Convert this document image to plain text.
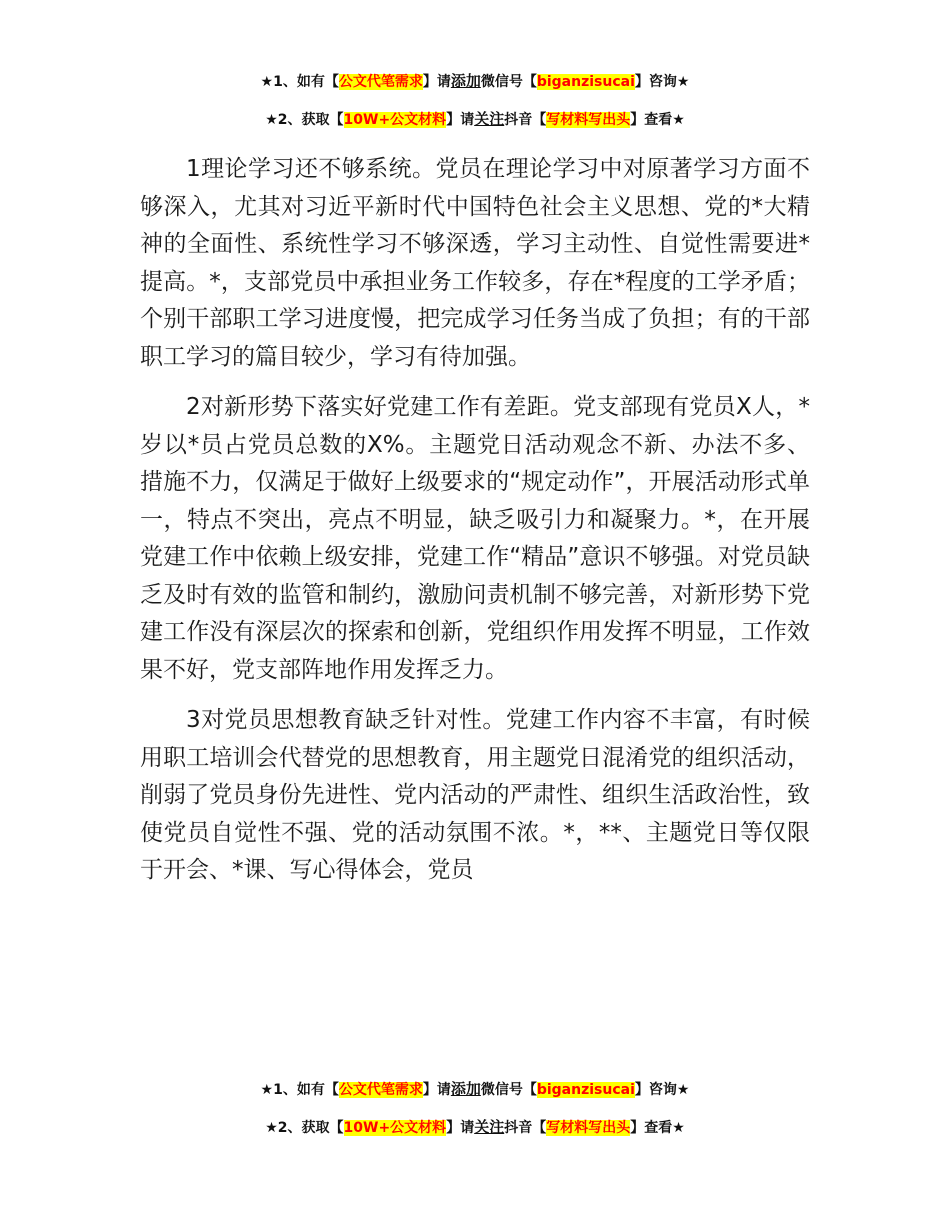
★1、如有【公文代笔需求】请添加微信号【biganzisucai】咨询★
★2、获取【10W+公文材料】请关注抖音【写材料写出头】查看★

1理论学习还不够系统。党员在理论学习中对原著学习方面不够深入，尤其对习近平新时代中国特色社会主义思想、党的*大精神的全面性、系统性学习不够深透，学习主动性、自觉性需要进*提高。*，支部党员中承担业务工作较多，存在*程度的工学矛盾；个别干部职工学习进度慢，把完成学习任务当成了负担；有的干部职工学习的篇目较少，学习有待加强。

2对新形势下落实好党建工作有差距。党支部现有党员X人，*岁以*员占党员总数的X%。主题党日活动观念不新、办法不多、措施不力，仅满足于做好上级要求的“规定动作”，开展活动形式单一，特点不突出，亮点不明显，缺乏吸引力和凝聚力。*，在开展党建工作中依赖上级安排，党建工作“精品”意识不够强。对党员缺乏及时有效的监管和制约，激励问责机制不够完善，对新形势下党建工作没有深层次的探索和创新，党组织作用发挥不明显，工作效果不好，党支部阵地作用发挥乏力。

3对党员思想教育缺乏针对性。党建工作内容不丰富，有时候用职工培训会代替党的思想教育，用主题党日混淆党的组织活动，削弱了党员身份先进性、党内活动的严肃性、组织生活政治性，致使党员自觉性不强、党的活动氛围不浓。*，**、主题党日等仅限于开会、*课、写心得体会，党员

★1、如有【公文代笔需求】请添加微信号【biganzisucai】咨询★
★2、获取【10W+公文材料】请关注抖音【写材料写出头】查看★
